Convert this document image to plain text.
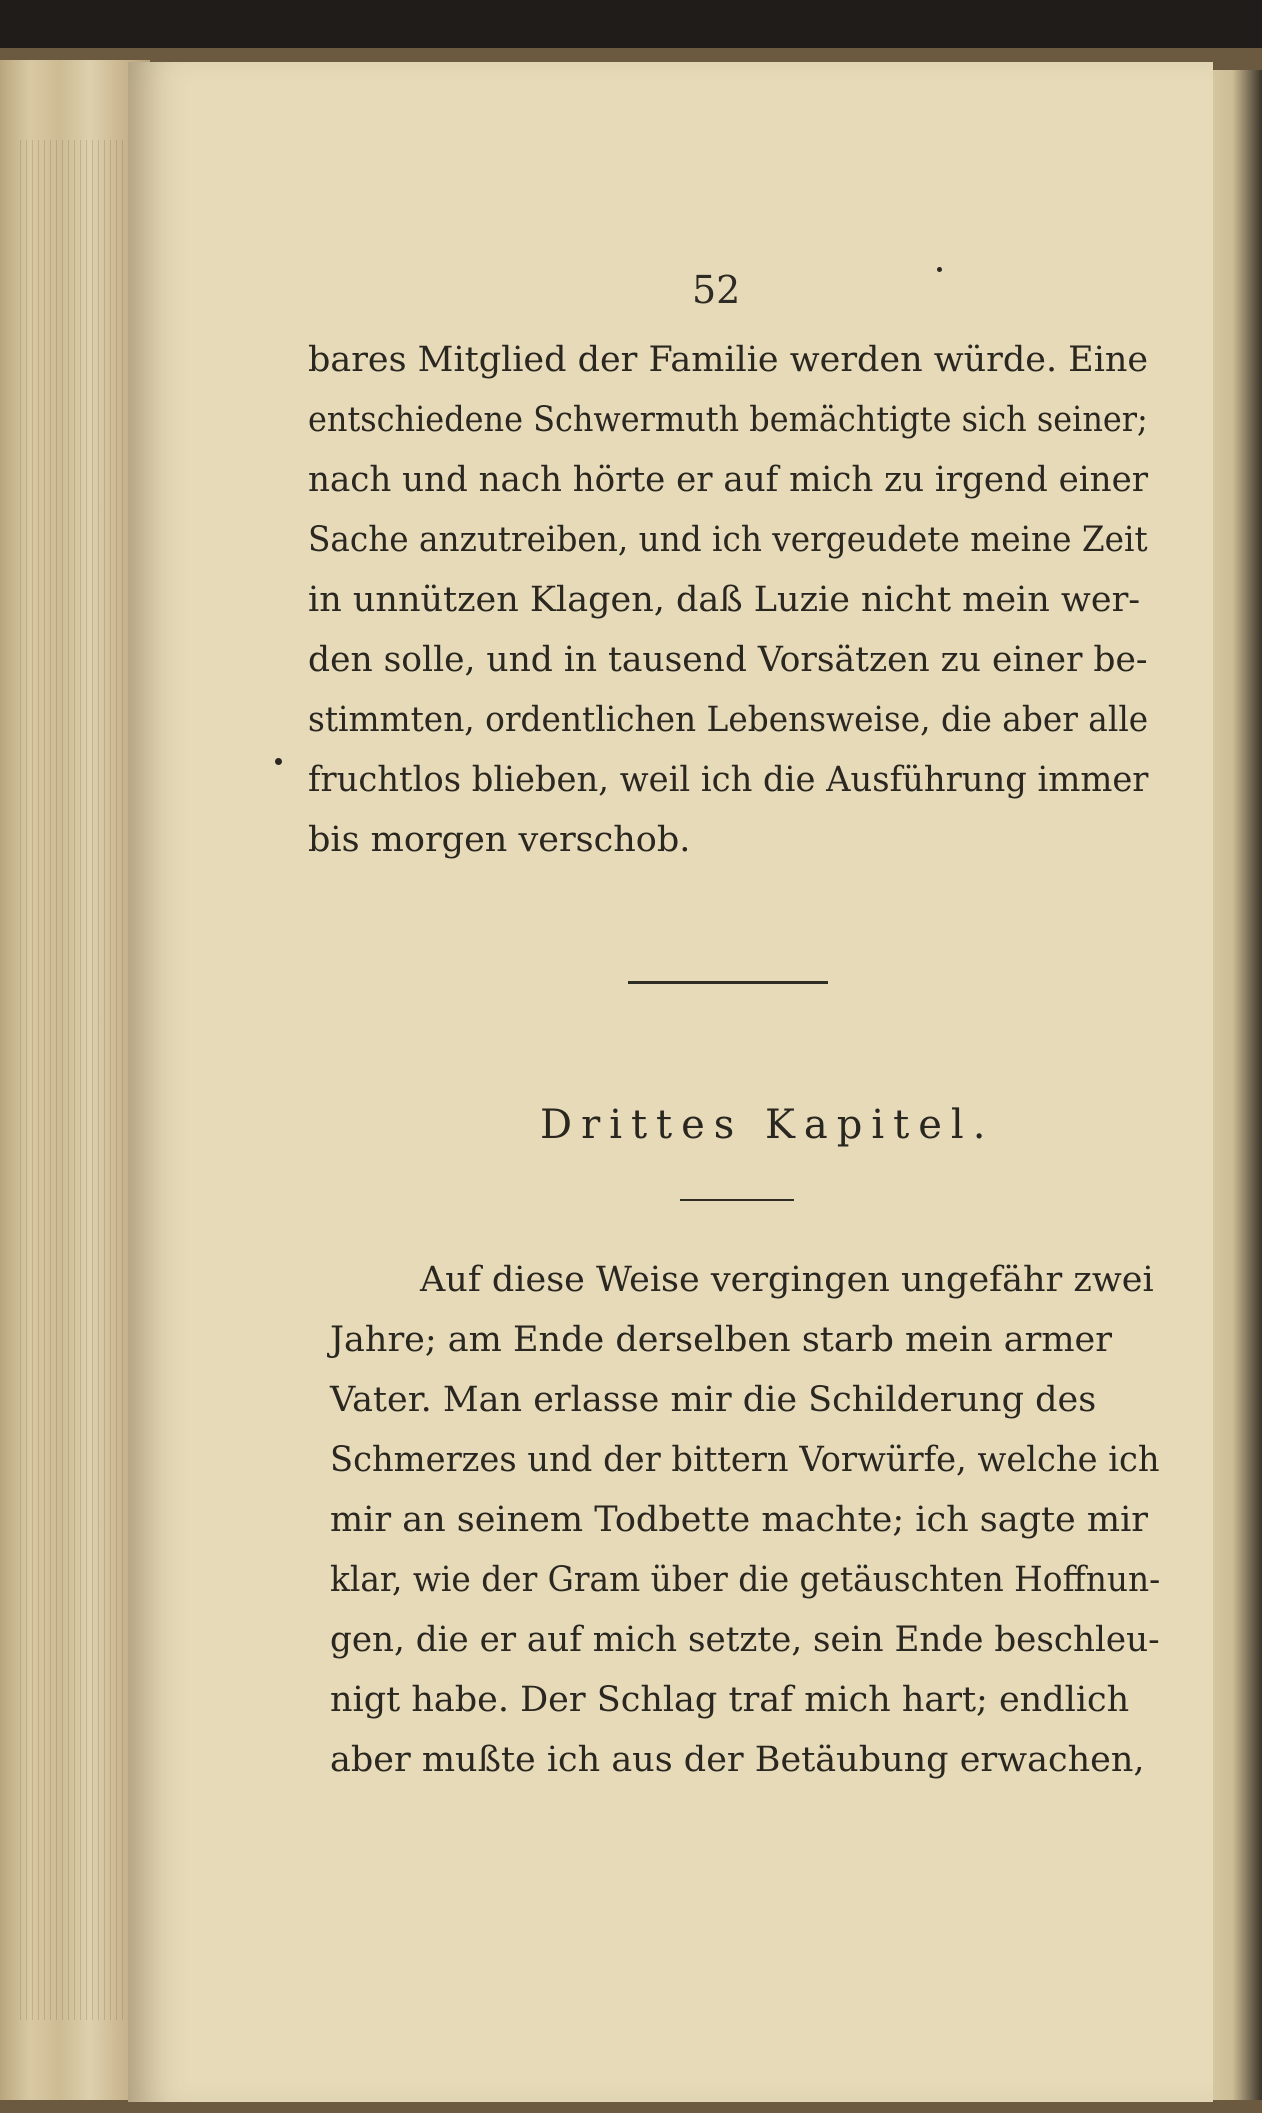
52
bares Mitglied der Familie werden würde. Eine
entschiedene Schwermuth bemächtigte sich seiner;
nach und nach hörte er auf mich zu irgend einer
Sache anzutreiben, und ich vergeudete meine Zeit
in unnützen Klagen, daß Luzie nicht mein wer-
den solle, und in tausend Vorsätzen zu einer be-
stimmten, ordentlichen Lebensweise, die aber alle
fruchtlos blieben, weil ich die Ausführung immer
bis morgen verschob.
Drittes Kapitel.
Auf diese Weise vergingen ungefähr zwei
Jahre; am Ende derselben starb mein armer
Vater. Man erlasse mir die Schilderung des
Schmerzes und der bittern Vorwürfe, welche ich
mir an seinem Todbette machte; ich sagte mir
klar, wie der Gram über die getäuschten Hoffnun-
gen, die er auf mich setzte, sein Ende beschleu-
nigt habe. Der Schlag traf mich hart; endlich
aber mußte ich aus der Betäubung erwachen,
